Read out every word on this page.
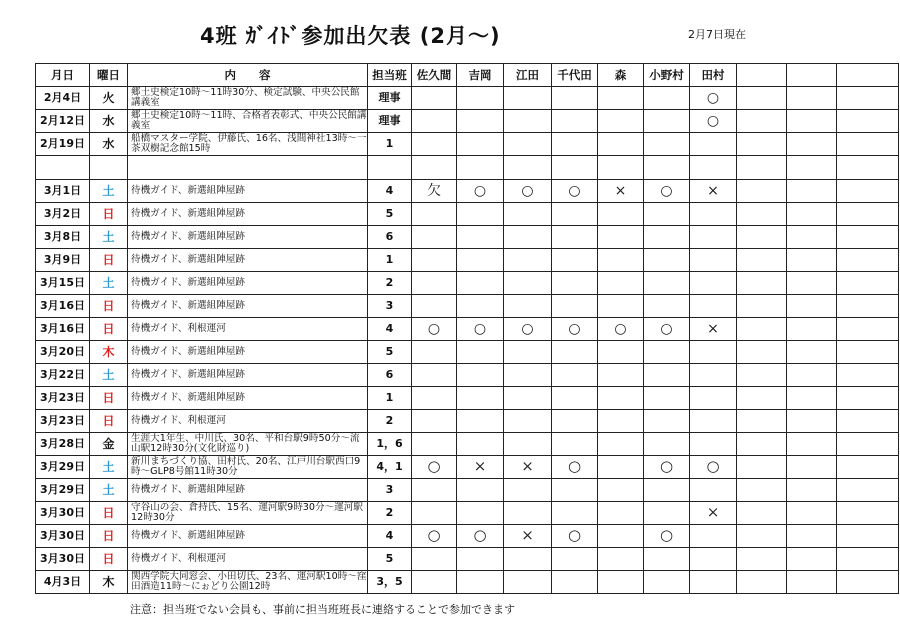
4班 ｶﾞｲﾄﾞ参加出欠表 (2月～)	2月7日現在
月日	曜日	内　　容	担当班	佐久間	吉岡	江田	千代田	森	小野村	田村			
2月4日	火	郷土史検定10時～11時30分、検定試験、中央公民館講義室	理事							○			
2月12日	水	郷土史検定10時～11時、合格者表彰式、中央公民館講義室	理事							○			
2月19日	水	船橋マスター学院、伊藤氏、16名、浅間神社13時～一茶双樹記念館15時	1										

3月1日	土	待機ガイド、新選組陣屋跡	4	欠	○	○	○	×	○	×			
3月2日	日	待機ガイド、新選組陣屋跡	5										
3月8日	土	待機ガイド、新選組陣屋跡	6										
3月9日	日	待機ガイド、新選組陣屋跡	1										
3月15日	土	待機ガイド、新選組陣屋跡	2										
3月16日	日	待機ガイド、新選組陣屋跡	3										
3月16日	日	待機ガイド、利根運河	4	○	○	○	○	○	○	×			
3月20日	木	待機ガイド、新選組陣屋跡	5										
3月22日	土	待機ガイド、新選組陣屋跡	6										
3月23日	日	待機ガイド、新選組陣屋跡	1										
3月23日	日	待機ガイド、利根運河	2										
3月28日	金	生涯大1年生、中川氏、30名、平和台駅9時50分～流山駅12時30分(文化財巡り)	1，6										
3月29日	土	新川まちづくり協、田村氏、20名、江戸川台駅西口9時～GLP8号館11時30分	4，1	○	×	×	○		○	○			
3月29日	土	待機ガイド、新選組陣屋跡	3										
3月30日	日	守谷山の会、倉持氏、15名、運河駅9時30分～運河駅12時30分	2							×			
3月30日	日	待機ガイド、新選組陣屋跡	4	○	○	×	○		○				
3月30日	日	待機ガイド、利根運河	5										
4月3日	木	関西学院大同窓会、小田切氏、23名、運河駅10時～窪田酒造11時～にぉどり公園12時	3，5										
注意：担当班でない会員も、事前に担当班班長に連絡することで参加できます
